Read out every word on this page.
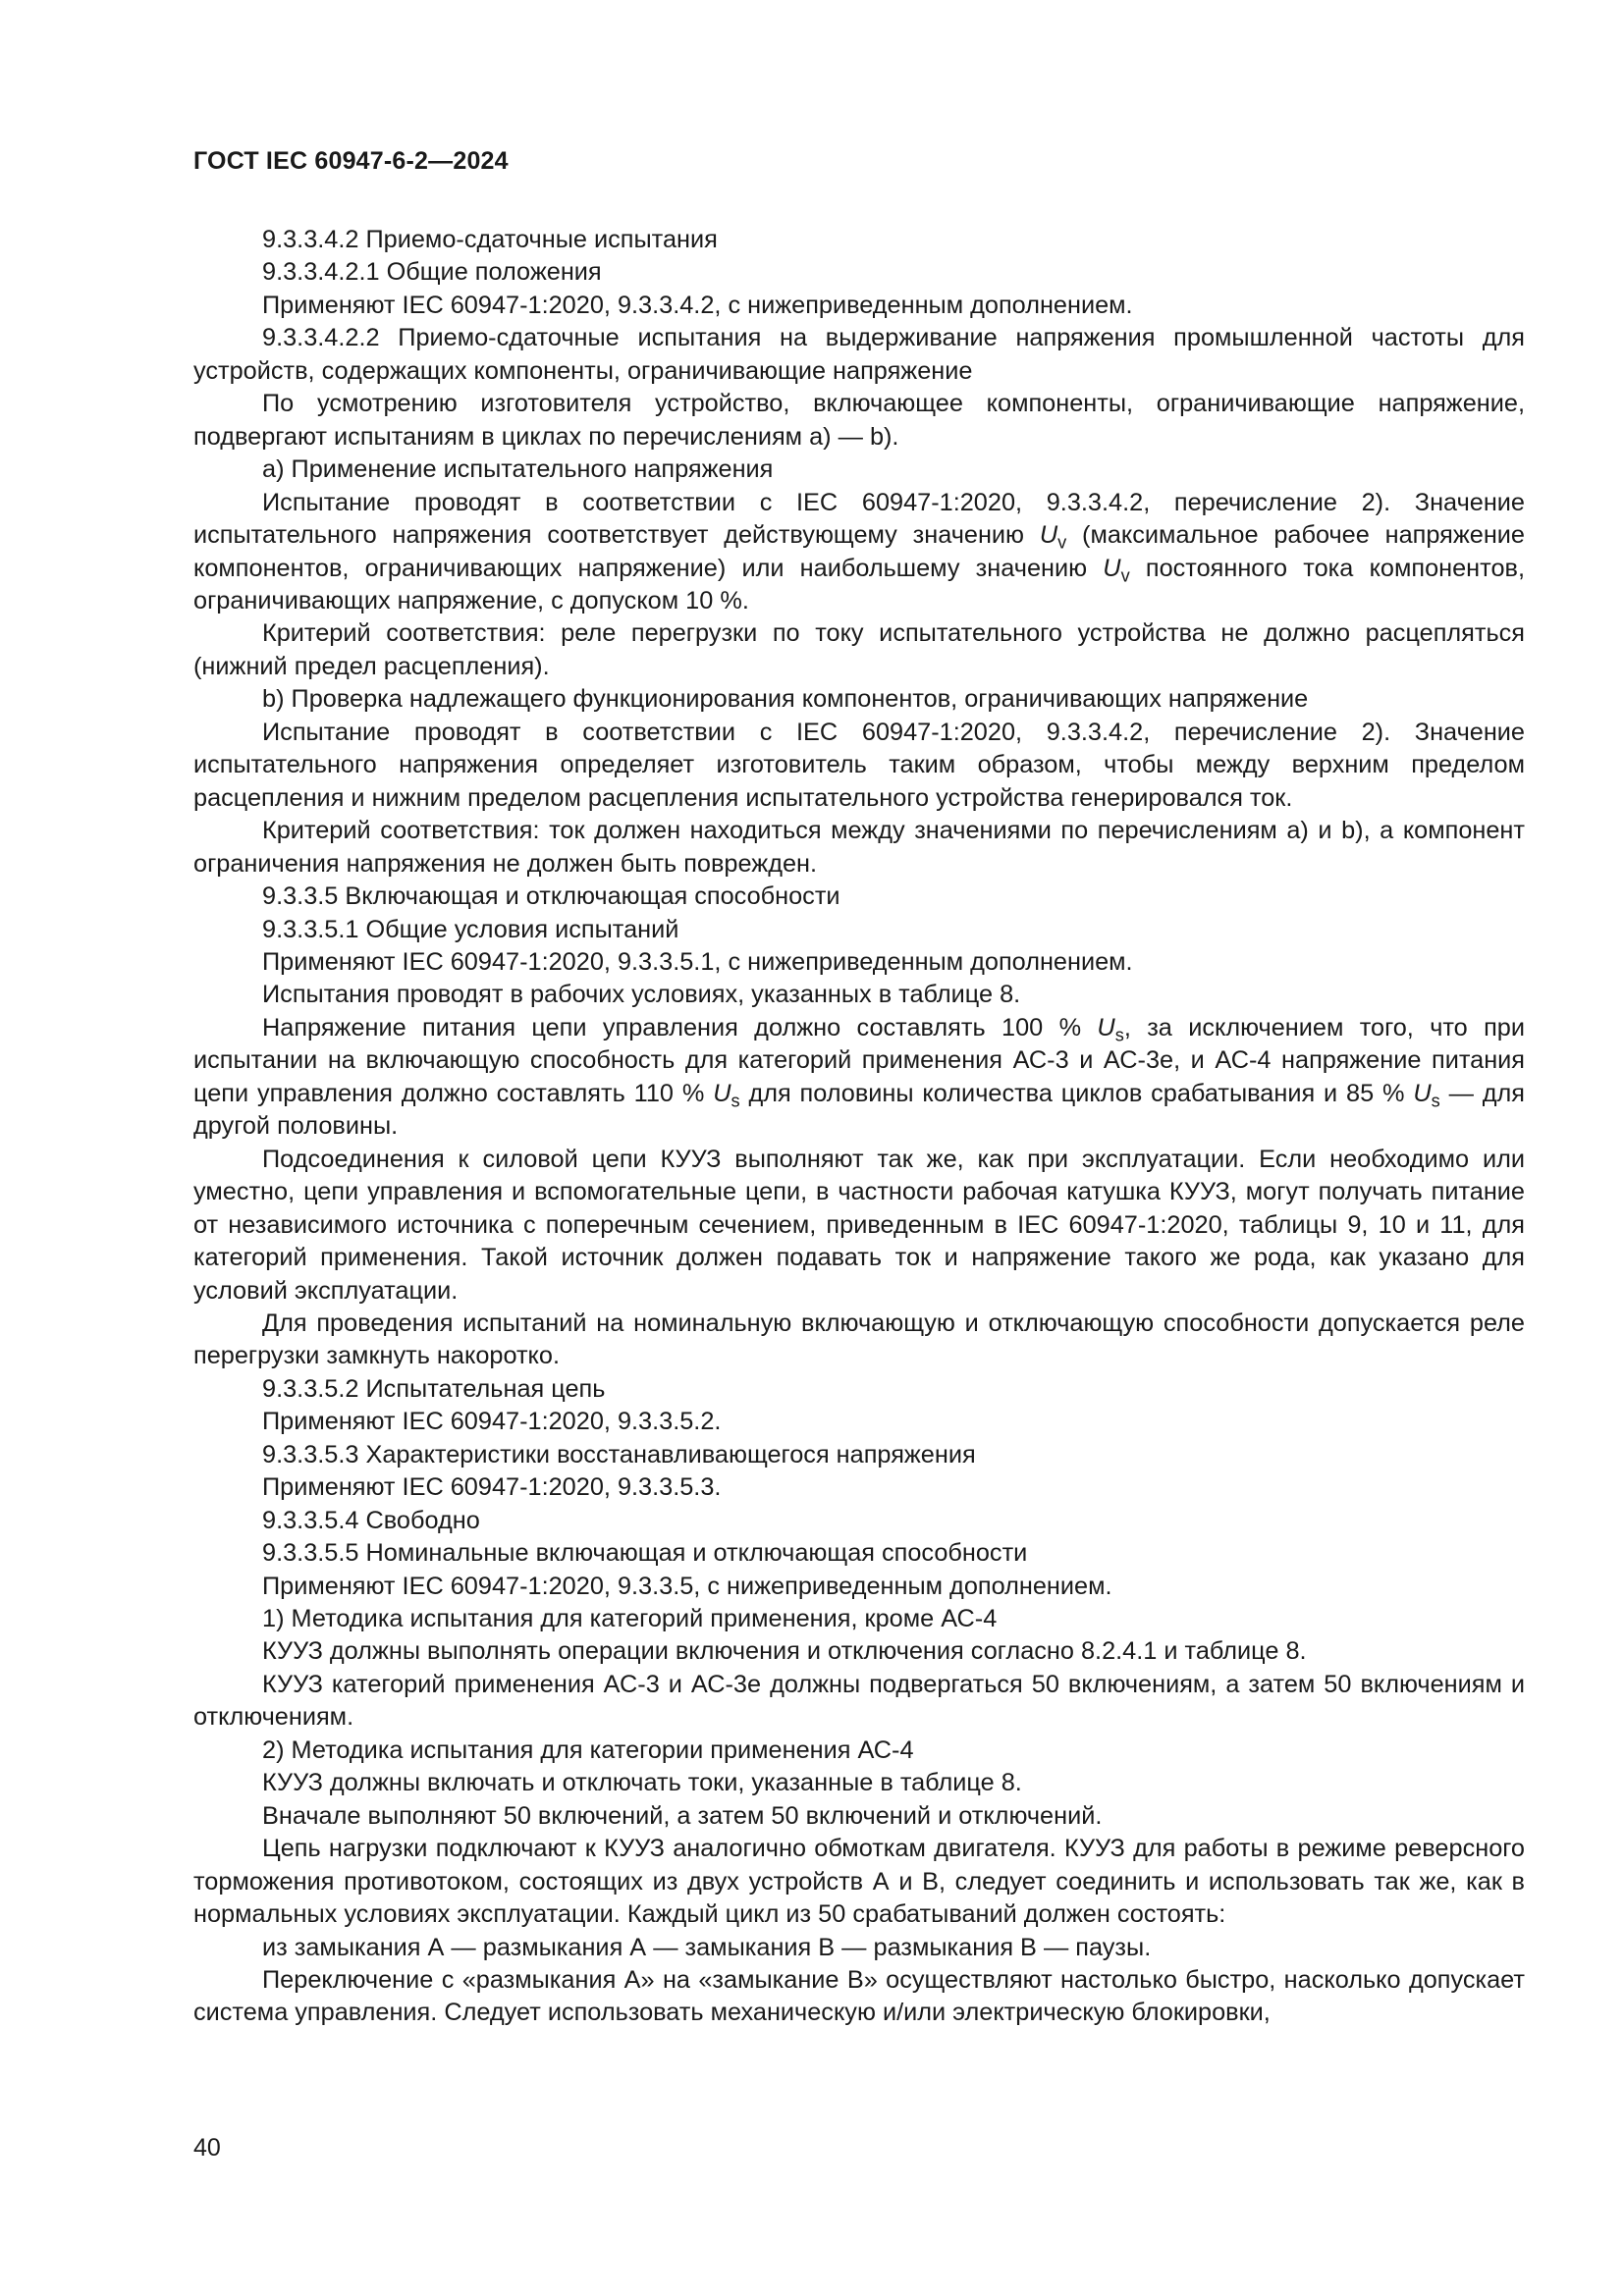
ГОСТ IEC 60947-6-2—2024

9.3.3.4.2 Приемо-сдаточные испытания

9.3.3.4.2.1 Общие положения

Применяют IEC 60947-1:2020, 9.3.3.4.2, с нижеприведенным дополнением.

9.3.3.4.2.2 Приемо-сдаточные испытания на выдерживание напряжения промышленной частоты для устройств, содержащих компоненты, ограничивающие напряжение

По усмотрению изготовителя устройство, включающее компоненты, ограничивающие напряжение, подвергают испытаниям в циклах по перечислениям а) — b).

a) Применение испытательного напряжения

Испытание проводят в соответствии с IEC 60947-1:2020, 9.3.3.4.2, перечисление 2). Значение испытательного напряжения соответствует действующему значению $U_v$ (максимальное рабочее напряжение компонентов, ограничивающих напряжение) или наибольшему значению $U_v$ постоянного тока компонентов, ограничивающих напряжение, с допуском 10 %.

Критерий соответствия: реле перегрузки по току испытательного устройства не должно расцепляться (нижний предел расцепления).

b) Проверка надлежащего функционирования компонентов, ограничивающих напряжение

Испытание проводят в соответствии с IEC 60947-1:2020, 9.3.3.4.2, перечисление 2). Значение испытательного напряжения определяет изготовитель таким образом, чтобы между верхним пределом расцепления и нижним пределом расцепления испытательного устройства генерировался ток.

Критерий соответствия: ток должен находиться между значениями по перечислениям а) и b), а компонент ограничения напряжения не должен быть поврежден.

9.3.3.5 Включающая и отключающая способности

9.3.3.5.1 Общие условия испытаний

Применяют IEC 60947-1:2020, 9.3.3.5.1, с нижеприведенным дополнением.

Испытания проводят в рабочих условиях, указанных в таблице 8.

Напряжение питания цепи управления должно составлять 100 % $U_s$, за исключением того, что при испытании на включающую способность для категорий применения АС-3 и АС-3е, и АС-4 напряжение питания цепи управления должно составлять 110 % $U_s$ для половины количества циклов срабатывания и 85 % $U_s$ — для другой половины.

Подсоединения к силовой цепи КУУЗ выполняют так же, как при эксплуатации. Если необходимо или уместно, цепи управления и вспомогательные цепи, в частности рабочая катушка КУУЗ, могут получать питание от независимого источника с поперечным сечением, приведенным в IEC 60947-1:2020, таблицы 9, 10 и 11, для категорий применения. Такой источник должен подавать ток и напряжение такого же рода, как указано для условий эксплуатации.

Для проведения испытаний на номинальную включающую и отключающую способности допускается реле перегрузки замкнуть накоротко.

9.3.3.5.2 Испытательная цепь

Применяют IEC 60947-1:2020, 9.3.3.5.2.

9.3.3.5.3 Характеристики восстанавливающегося напряжения

Применяют IEC 60947-1:2020, 9.3.3.5.3.

9.3.3.5.4 Свободно

9.3.3.5.5 Номинальные включающая и отключающая способности

Применяют IEC 60947-1:2020, 9.3.3.5, с нижеприведенным дополнением.

1) Методика испытания для категорий применения, кроме АС-4

КУУЗ должны выполнять операции включения и отключения согласно 8.2.4.1 и таблице 8.

КУУЗ категорий применения АС-3 и АС-3е должны подвергаться 50 включениям, а затем 50 включениям и отключениям.

2) Методика испытания для категории применения АС-4

КУУЗ должны включать и отключать токи, указанные в таблице 8.

Вначале выполняют 50 включений, а затем 50 включений и отключений.

Цепь нагрузки подключают к КУУЗ аналогично обмоткам двигателя. КУУЗ для работы в режиме реверсного торможения противотоком, состоящих из двух устройств А и В, следует соединить и использовать так же, как в нормальных условиях эксплуатации. Каждый цикл из 50 срабатываний должен состоять:

из замыкания А — размыкания А — замыкания В — размыкания В — паузы.

Переключение с «размыкания А» на «замыкание В» осуществляют настолько быстро, насколько допускает система управления. Следует использовать механическую и/или электрическую блокировки,

40
